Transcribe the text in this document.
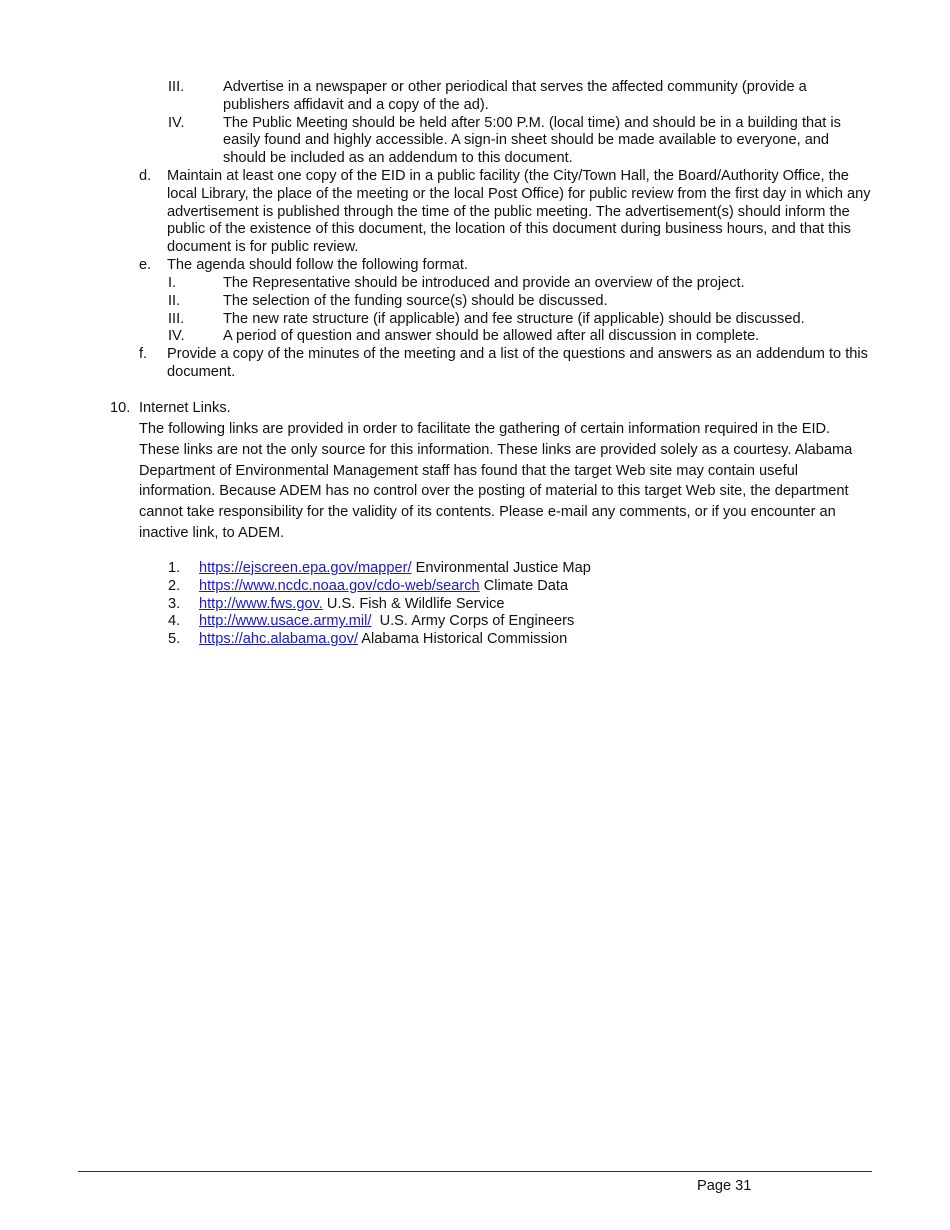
III.	Advertise in a newspaper or other periodical that serves the affected community (provide a publishers affidavit and a copy of the ad).
IV.	The Public Meeting should be held after 5:00 P.M. (local time) and should be in a building that is easily found and highly accessible. A sign-in sheet should be made available to everyone, and should be included as an addendum to this document.
d. Maintain at least one copy of the EID in a public facility (the City/Town Hall, the Board/Authority Office, the local Library, the place of the meeting or the local Post Office) for public review from the first day in which any advertisement is published through the time of the public meeting. The advertisement(s) should inform the public of the existence of this document, the location of this document during business hours, and that this document is for public review.
e. The agenda should follow the following format.
I.	The Representative should be introduced and provide an overview of the project.
II.	The selection of the funding source(s) should be discussed.
III.	The new rate structure (if applicable) and fee structure (if applicable) should be discussed.
IV.	A period of question and answer should be allowed after all discussion in complete.
f. Provide a copy of the minutes of the meeting and a list of the questions and answers as an addendum to this document.
10. Internet Links.
The following links are provided in order to facilitate the gathering of certain information required in the EID. These links are not the only source for this information. These links are provided solely as a courtesy. Alabama Department of Environmental Management staff has found that the target Web site may contain useful information. Because ADEM has no control over the posting of material to this target Web site, the department cannot take responsibility for the validity of its contents. Please e-mail any comments, or if you encounter an inactive link, to ADEM.
1. https://ejscreen.epa.gov/mapper/ Environmental Justice Map
2. https://www.ncdc.noaa.gov/cdo-web/search Climate Data
3. http://www.fws.gov. U.S. Fish & Wildlife Service
4. http://www.usace.army.mil/  U.S. Army Corps of Engineers
5. https://ahc.alabama.gov/ Alabama Historical Commission
Page 31
